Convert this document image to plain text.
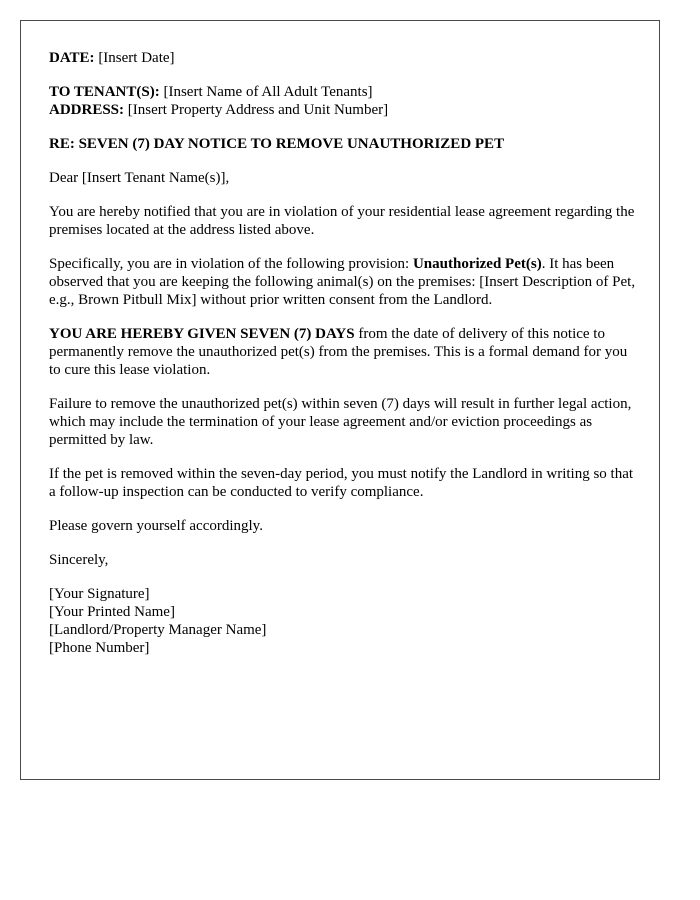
DATE: [Insert Date]

TO TENANT(S): [Insert Name of All Adult Tenants]
ADDRESS: [Insert Property Address and Unit Number]

RE: SEVEN (7) DAY NOTICE TO REMOVE UNAUTHORIZED PET

Dear [Insert Tenant Name(s)],

You are hereby notified that you are in violation of your residential lease agreement regarding the premises located at the address listed above.

Specifically, you are in violation of the following provision: Unauthorized Pet(s). It has been observed that you are keeping the following animal(s) on the premises: [Insert Description of Pet, e.g., Brown Pitbull Mix] without prior written consent from the Landlord.

YOU ARE HEREBY GIVEN SEVEN (7) DAYS from the date of delivery of this notice to permanently remove the unauthorized pet(s) from the premises. This is a formal demand for you to cure this lease violation.

Failure to remove the unauthorized pet(s) within seven (7) days will result in further legal action, which may include the termination of your lease agreement and/or eviction proceedings as permitted by law.

If the pet is removed within the seven-day period, you must notify the Landlord in writing so that a follow-up inspection can be conducted to verify compliance.

Please govern yourself accordingly.

Sincerely,

[Your Signature]
[Your Printed Name]
[Landlord/Property Manager Name]
[Phone Number]
